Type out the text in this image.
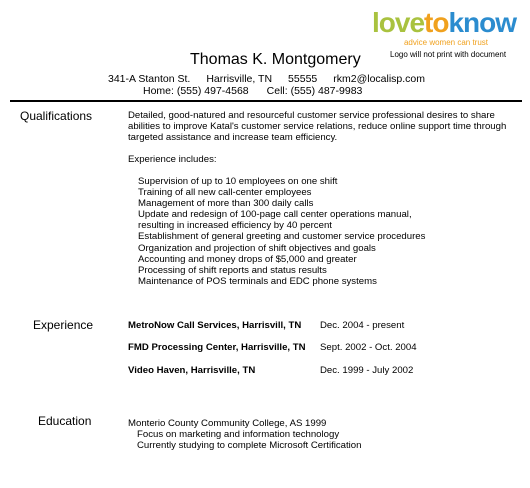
lovetoknow
advice women can trust
Logo will not print with document
Thomas K. Montgomery
341-A Stanton St. Harrisville, TN 55555 rkm2@localisp.com
Home: (555) 497-4568 Cell: (555) 487-9983
Qualifications	Detailed, good-natured and resourceful customer service professional desires to share abilities to improve Katal's customer service relations, reduce online support time through targeted assistance and increase team efficiency.
Experience includes:
Supervision of up to 10 employees on one shift
Training of all new call-center employees
Management of more than 300 daily calls
Update and redesign of 100-page call center operations manual,
resulting in increased efficiency by 40 percent
Establishment of general greeting and customer service procedures
Organization and projection of shift objectives and goals
Accounting and money drops of $5,000 and greater
Processing of shift reports and status results
Maintenance of POS terminals and EDC phone systems
Experience	MetroNow Call Services, Harrisvill, TN Dec. 2004 - present
FMD Processing Center, Harrisville, TN Sept. 2002 - Oct. 2004
Video Haven, Harrisville, TN	Dec. 1999 - July 2002
Education	Monterio County Community College, AS 1999
Focus on marketing and information technology
Currently studying to complete Microsoft Certification
